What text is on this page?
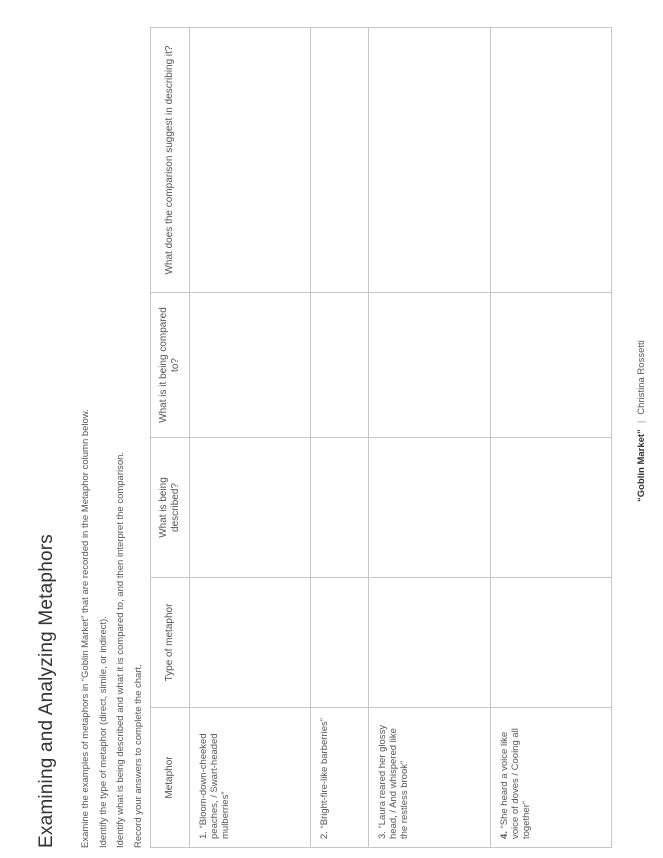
Examining and Analyzing Metaphors Examine the examples of metaphors in “Goblin Market” that are recorded in the Metaphor column below. Identify the type of metaphor (direct, simile, or indirect). Identify what is being described and what it is compared to, and then interpret the comparison. Record your answers to complete the chart. Metaphor	Type of metaphor	What is being described?	What is it being compared to?	What does the comparison suggest in describing it?
1. “Bloom-down-cheeked peaches, / Swart-headed mulberries”				
2. “Bright-fire-like barberries”				
3. “Laura reared her glossy head, / And whispered like the restless brook”				
4. “She heard a voice like voice of doves / Cooing all together”				
“Goblin Market”|Christina Rossetti
